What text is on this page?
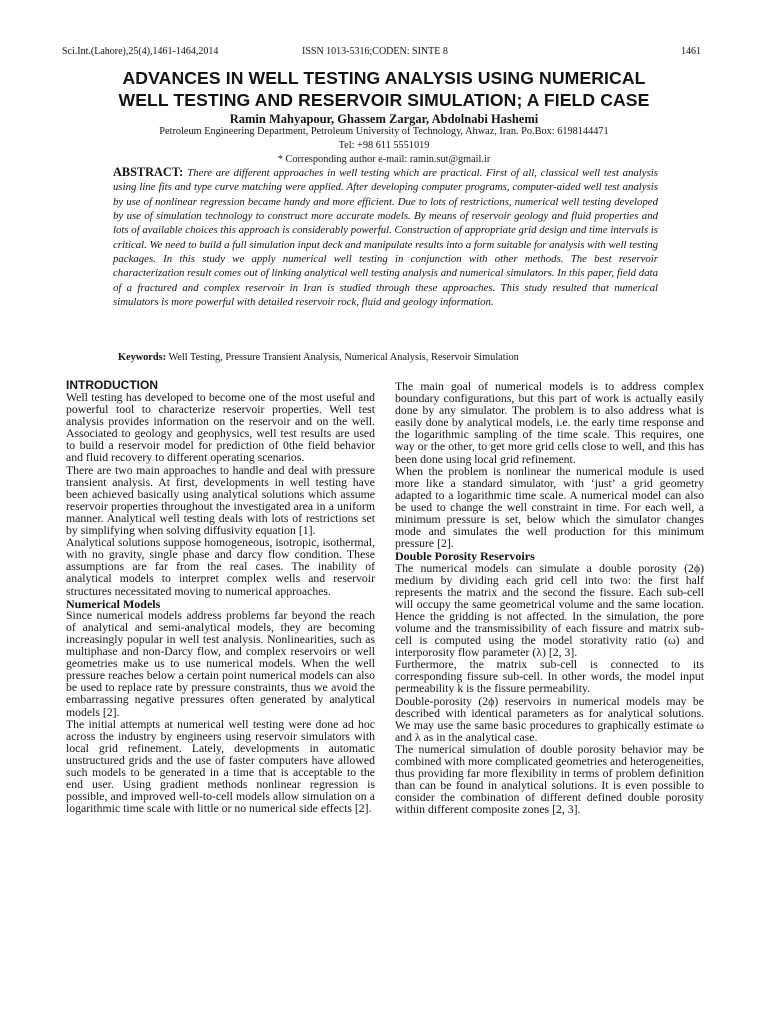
Sci.Int.(Lahore),25(4),1461-1464,2014	ISSN 1013-5316;CODEN: SINTE 8	1461
ADVANCES IN WELL TESTING ANALYSIS USING NUMERICAL
WELL TESTING AND RESERVOIR SIMULATION; A FIELD CASE
Ramin Mahyapour, Ghassem Zargar, Abdolnabi Hashemi
Petroleum Engineering Department, Petroleum University of Technology, Ahwaz, Iran. Po.Box: 6198144471
Tel: +98 611 5551019
* Corresponding author e-mail: ramin.sut@gmail.ir
ABSTRACT: There are different approaches in well testing which are practical. First of all, classical well test analysis using line fits and type curve matching were applied. After developing computer programs, computer-aided well test analysis by use of nonlinear regression became handy and more efficient. Due to lots of restrictions, numerical well testing developed by use of simulation technology to construct more accurate models. By means of reservoir geology and fluid properties and lots of available choices this approach is considerably powerful. Construction of appropriate grid design and time intervals is critical. We need to build a full simulation input deck and manipulate results into a form suitable for analysis with well testing packages. In this study we apply numerical well testing in conjunction with other methods. The best reservoir characterization result comes out of linking analytical well testing analysis and numerical simulators. In this paper, field data of a fractured and complex reservoir in Iran is studied through these approaches. This study resulted that numerical simulators is more powerful with detailed reservoir rock, fluid and geology information.
Keywords: Well Testing, Pressure Transient Analysis, Numerical Analysis, Reservoir Simulation
INTRODUCTION

Well testing has developed to become one of the most useful and powerful tool to characterize reservoir properties. Well test analysis provides information on the reservoir and on the well. Associated to geology and geophysics, well test results are used to build a reservoir model for prediction of 0the field behavior and fluid recovery to different operating scenarios.

There are two main approaches to handle and deal with pressure transient analysis. At first, developments in well testing have been achieved basically using analytical solutions which assume reservoir properties throughout the investigated area in a uniform manner. Analytical well testing deals with lots of restrictions set by simplifying when solving diffusivity equation [1].

Analytical solutions suppose homogeneous, isotropic, isothermal, with no gravity, single phase and darcy flow condition. These assumptions are far from the real cases. The inability of analytical models to interpret complex wells and reservoir structures necessitated moving to numerical approaches.

Numerical Models

Since numerical models address problems far beyond the reach of analytical and semi-analytical models, they are becoming increasingly popular in well test analysis. Nonlinearities, such as multiphase and non-Darcy flow, and complex reservoirs or well geometries make us to use numerical models. When the well pressure reaches below a certain point numerical models can also be used to replace rate by pressure constraints, thus we avoid the embarrassing negative pressures often generated by analytical models [2].

The initial attempts at numerical well testing were done ad hoc across the industry by engineers using reservoir simulators with local grid refinement. Lately, developments in automatic unstructured grids and the use of faster computers have allowed such models to be generated in a time that is acceptable to the end user. Using gradient methods nonlinear regression is possible, and improved well-to-cell models allow simulation on a logarithmic time scale with little or no numerical side effects [2].

The main goal of numerical models is to address complex boundary configurations, but this part of work is actually easily done by any simulator. The problem is to also address what is easily done by analytical models, i.e. the early time response and the logarithmic sampling of the time scale. This requires, one way or the other, to get more grid cells close to well, and this has been done using local grid refinement.

When the problem is nonlinear the numerical module is used more like a standard simulator, with ‘just’ a grid geometry adapted to a logarithmic time scale. A numerical model can also be used to change the well constraint in time. For each well, a minimum pressure is set, below which the simulator changes mode and simulates the well production for this minimum pressure [2].

Double Porosity Reservoirs

The numerical models can simulate a double porosity (2ϕ) medium by dividing each grid cell into two: the first half represents the matrix and the second the fissure. Each sub-cell will occupy the same geometrical volume and the same location. Hence the gridding is not affected. In the simulation, the pore volume and the transmissibility of each fissure and matrix sub-cell is computed using the model storativity ratio (ω) and interporosity flow parameter (λ) [2, 3].

Furthermore, the matrix sub-cell is connected to its corresponding fissure sub-cell. In other words, the model input permeability k is the fissure permeability.

Double-porosity (2ϕ) reservoirs in numerical models may be described with identical parameters as for analytical solutions. We may use the same basic procedures to graphically estimate ω and λ as in the analytical case.

The numerical simulation of double porosity behavior may be combined with more complicated geometries and heterogeneities, thus providing far more flexibility in terms of problem definition than can be found in analytical solutions. It is even possible to consider the combination of different defined double porosity within different composite zones [2, 3].
